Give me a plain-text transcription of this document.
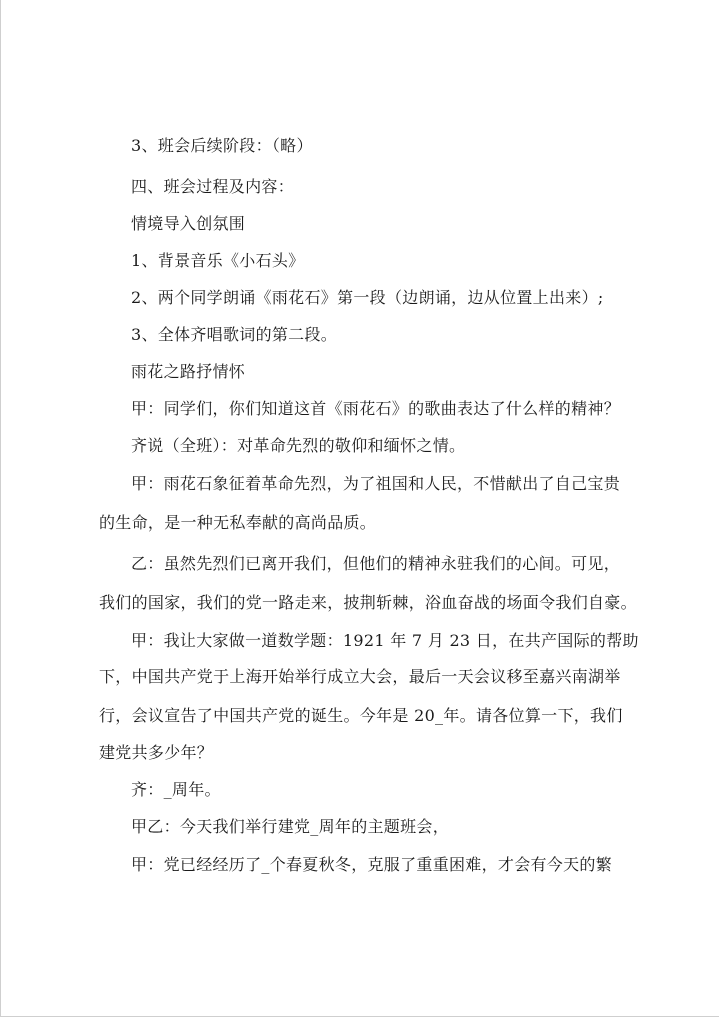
3、班会后续阶段：（略）
四、班会过程及内容：
情境导入创氛围
1、背景音乐《小石头》
2、两个同学朗诵《雨花石》第一段（边朗诵，边从位置上出来）;
3、全体齐唱歌词的第二段。
雨花之路抒情怀
甲：同学们，你们知道这首《雨花石》的歌曲表达了什么样的精神？
齐说（全班）：对革命先烈的敬仰和缅怀之情。
甲：雨花石象征着革命先烈，为了祖国和人民，不惜献出了自己宝贵
的生命，是一种无私奉献的高尚品质。
乙：虽然先烈们已离开我们，但他们的精神永驻我们的心间。可见，
我们的国家，我们的党一路走来，披荆斩棘，浴血奋战的场面令我们自豪。
甲：我让大家做一道数学题：1921 年 7 月 23 日，在共产国际的帮助
下，中国共产党于上海开始举行成立大会，最后一天会议移至嘉兴南湖举
行，会议宣告了中国共产党的诞生。今年是 20_年。请各位算一下，我们
建党共多少年？
齐：_周年。
甲乙：今天我们举行建党_周年的主题班会，
甲：党已经经历了_个春夏秋冬，克服了重重困难，才会有今天的繁
